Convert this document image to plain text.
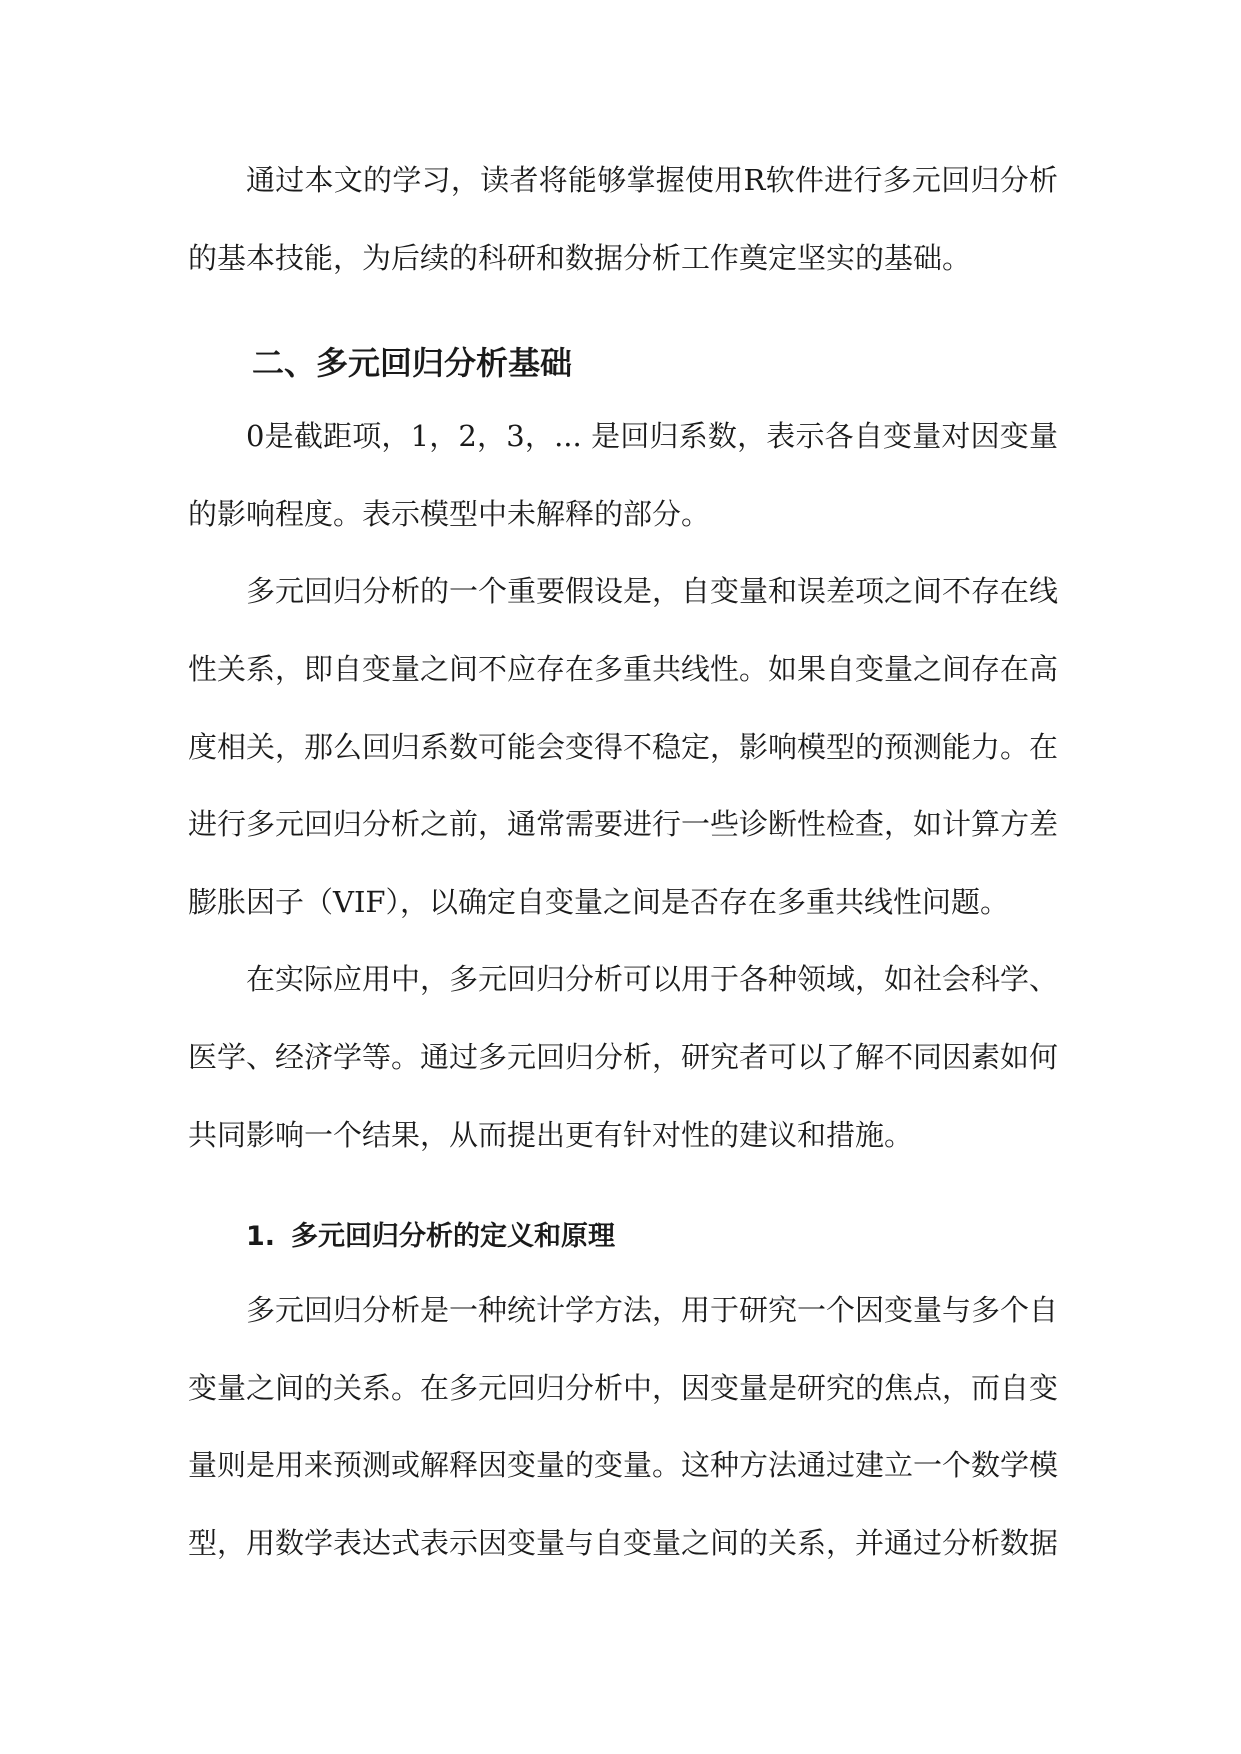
通过本文的学习，读者将能够掌握使用R软件进行多元回归分析的基本技能，为后续的科研和数据分析工作奠定坚实的基础。

二、多元回归分析基础

0是截距项，1，2，3，... 是回归系数，表示各自变量对因变量的影响程度。表示模型中未解释的部分。

多元回归分析的一个重要假设是，自变量和误差项之间不存在线性关系，即自变量之间不应存在多重共线性。如果自变量之间存在高度相关，那么回归系数可能会变得不稳定，影响模型的预测能力。在进行多元回归分析之前，通常需要进行一些诊断性检查，如计算方差膨胀因子（VIF），以确定自变量之间是否存在多重共线性问题。

在实际应用中，多元回归分析可以用于各种领域，如社会科学、医学、经济学等。通过多元回归分析，研究者可以了解不同因素如何共同影响一个结果，从而提出更有针对性的建议和措施。

1. 多元回归分析的定义和原理

多元回归分析是一种统计学方法，用于研究一个因变量与多个自变量之间的关系。在多元回归分析中，因变量是研究的焦点，而自变量则是用来预测或解释因变量的变量。这种方法通过建立一个数学模型，用数学表达式表示因变量与自变量之间的关系，并通过分析数据
